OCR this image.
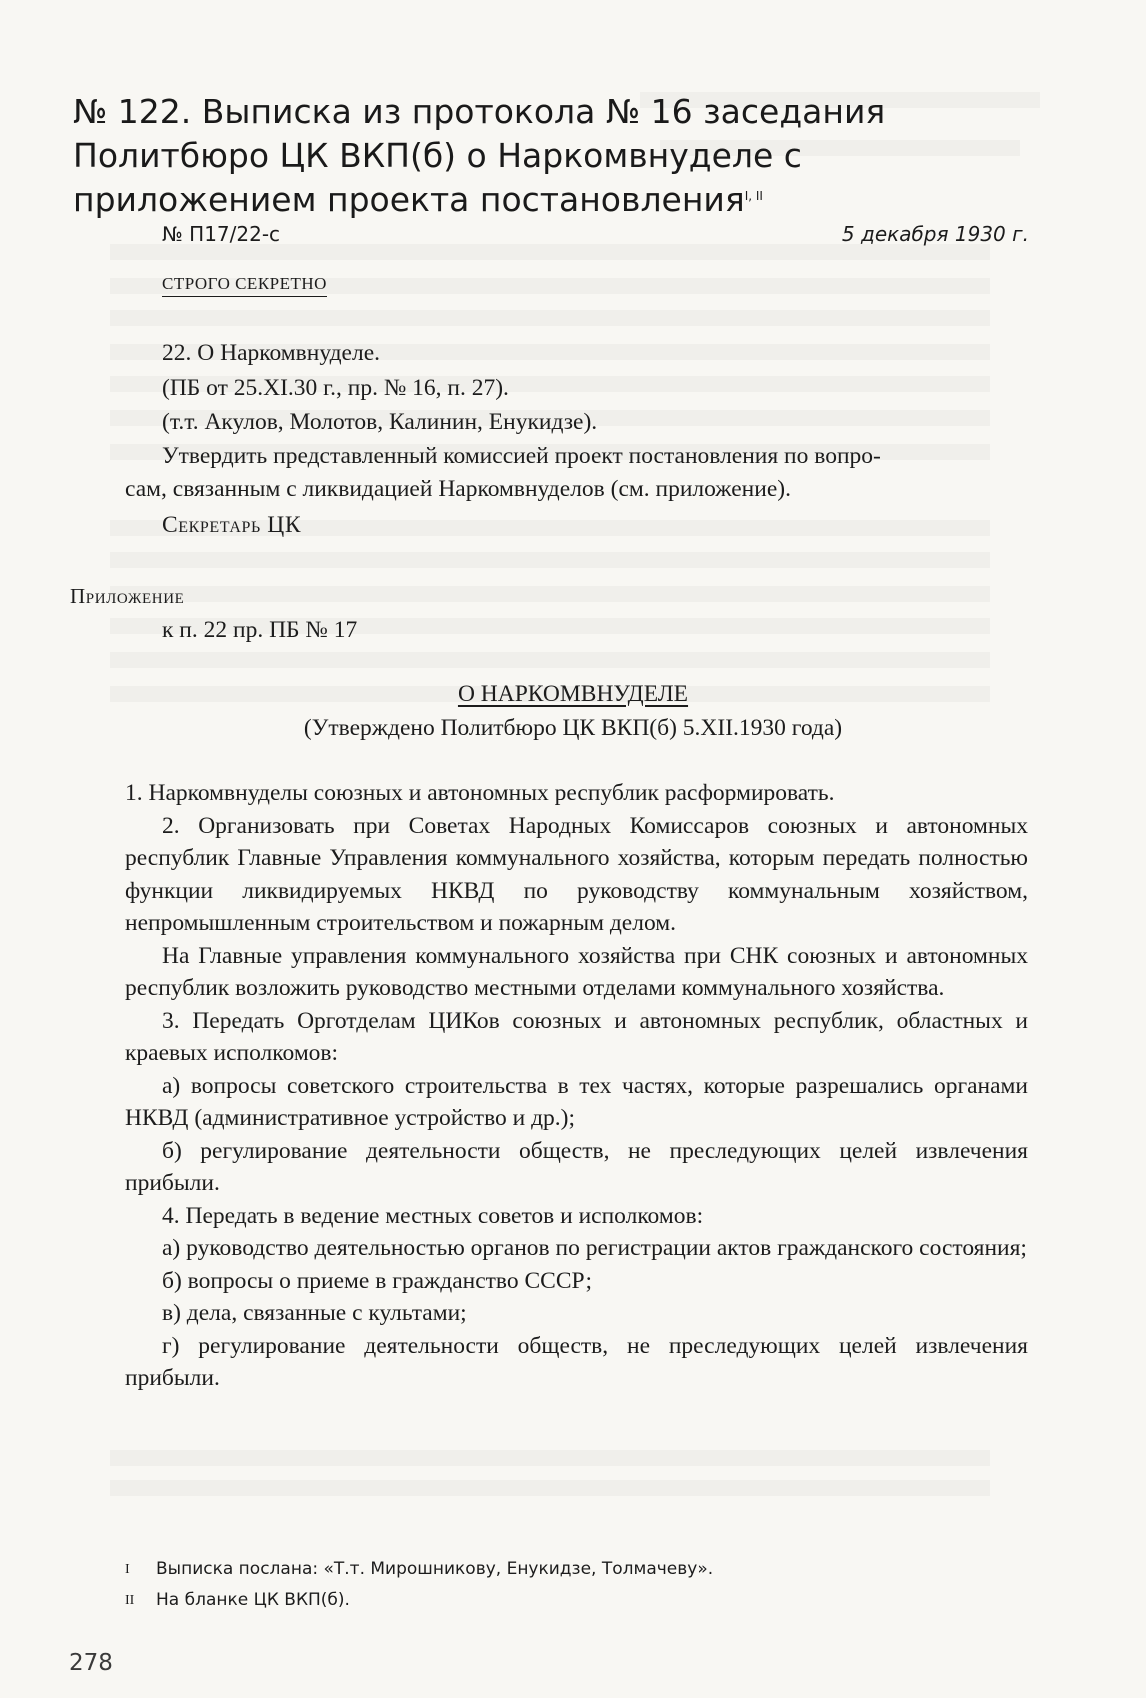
№ 122. Выписка из протокола № 16 заседания Политбюро ЦК ВКП(б) о Наркомвнуделе с приложением проекта постановления$^{I, II}$
№ П17/22-с	5 декабря 1930 г.
СТРОГО СЕКРЕТНО
22. О Наркомвнуделе.
(ПБ от 25.XI.30 г., пр. № 16, п. 27).
(т.т. Акулов, Молотов, Калинин, Енукидзе).
Утвердить представленный комиссией проект постановления по вопро-
сам, связанным с ликвидацией Наркомвнуделов (см. приложение).
Секретарь ЦК
Приложение
к п. 22 пр. ПБ № 17
О НАРКОМВНУДЕЛЕ
(Утверждено Политбюро ЦК ВКП(б) 5.XII.1930 года)

1. Наркомвнуделы союзных и автономных республик расформировать.

2. Организовать при Советах Народных Комиссаров союзных и автономных республик Главные Управления коммунального хозяйства, которым передать полностью функции ликвидируемых НКВД по руководству коммунальным хозяйством, непромышленным строительством и пожарным делом.

На Главные управления коммунального хозяйства при СНК союзных и автономных республик возложить руководство местными отделами коммунального хозяйства.

3. Передать Орготделам ЦИКов союзных и автономных республик, областных и краевых исполкомов:

а) вопросы советского строительства в тех частях, которые разрешались органами НКВД (административное устройство и др.);

б) регулирование деятельности обществ, не преследующих целей извлечения прибыли.

4. Передать в ведение местных советов и исполкомов:

а) руководство деятельностью органов по регистрации актов гражданского состояния;

б) вопросы о приеме в гражданство СССР;

в) дела, связанные с культами;

г) регулирование деятельности обществ, не преследующих целей извлечения прибыли.

I	Выписка послана: «Т.т. Мирошникову, Енукидзе, Толмачеву».
II	На бланке ЦК ВКП(б).
278
